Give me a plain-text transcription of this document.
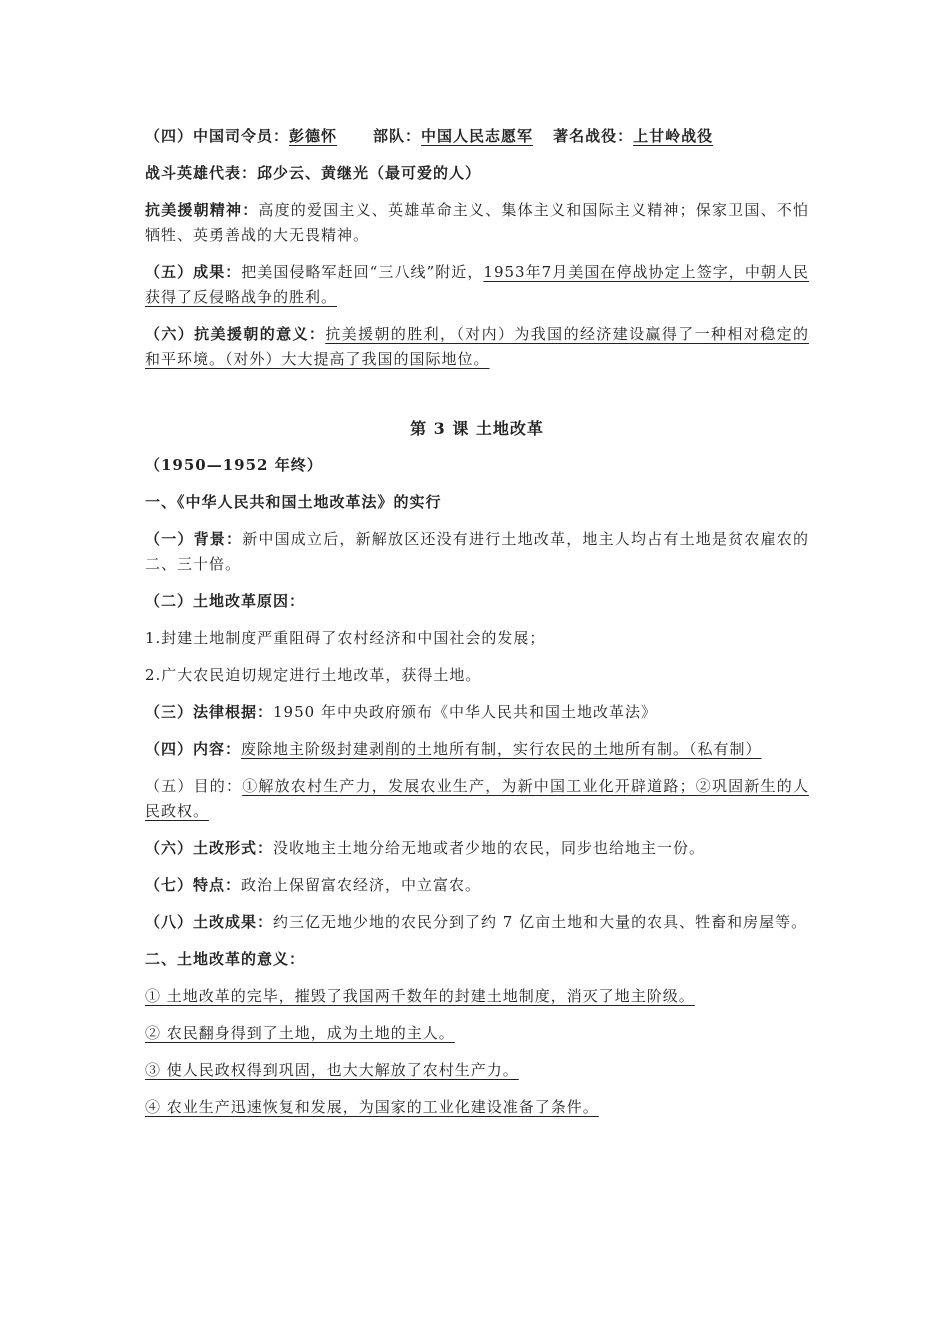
（四）中国司令员：彭德怀 部队：中国人民志愿军 著名战役：上甘岭战役

战斗英雄代表：邱少云、黄继光（最可爱的人）

抗美援朝精神：高度的爱国主义、英雄革命主义、集体主义和国际主义精神；保家卫国、不怕牺牲、英勇善战的大无畏精神。

（五）成果：把美国侵略军赶回“三八线”附近，1953年7月美国在停战协定上签字，中朝人民获得了反侵略战争的胜利。

（六）抗美援朝的意义：抗美援朝的胜利，（对内）为我国的经济建设赢得了一种相对稳定的和平环境。（对外）大大提高了我国的国际地位。

第 3 课 土地改革

（1950—1952 年终）

一、《中华人民共和国土地改革法》的实行

（一）背景：新中国成立后，新解放区还没有进行土地改革，地主人均占有土地是贫农雇农的二、三十倍。

（二）土地改革原因：

1.封建土地制度严重阻碍了农村经济和中国社会的发展；

2.广大农民迫切规定进行土地改革，获得土地。

（三）法律根据：1950 年中央政府颁布《中华人民共和国土地改革法》

（四）内容：废除地主阶级封建剥削的土地所有制，实行农民的土地所有制。（私有制）

（五）目的：①解放农村生产力，发展农业生产，为新中国工业化开辟道路；②巩固新生的人民政权。

（六）土改形式：没收地主土地分给无地或者少地的农民，同步也给地主一份。

（七）特点：政治上保留富农经济，中立富农。

（八）土改成果：约三亿无地少地的农民分到了约 7 亿亩土地和大量的农具、牲畜和房屋等。

二、土地改革的意义：

① 土地改革的完毕，摧毁了我国两千数年的封建土地制度，消灭了地主阶级。

② 农民翻身得到了土地，成为土地的主人。

③ 使人民政权得到巩固，也大大解放了农村生产力。

④ 农业生产迅速恢复和发展，为国家的工业化建设准备了条件。
